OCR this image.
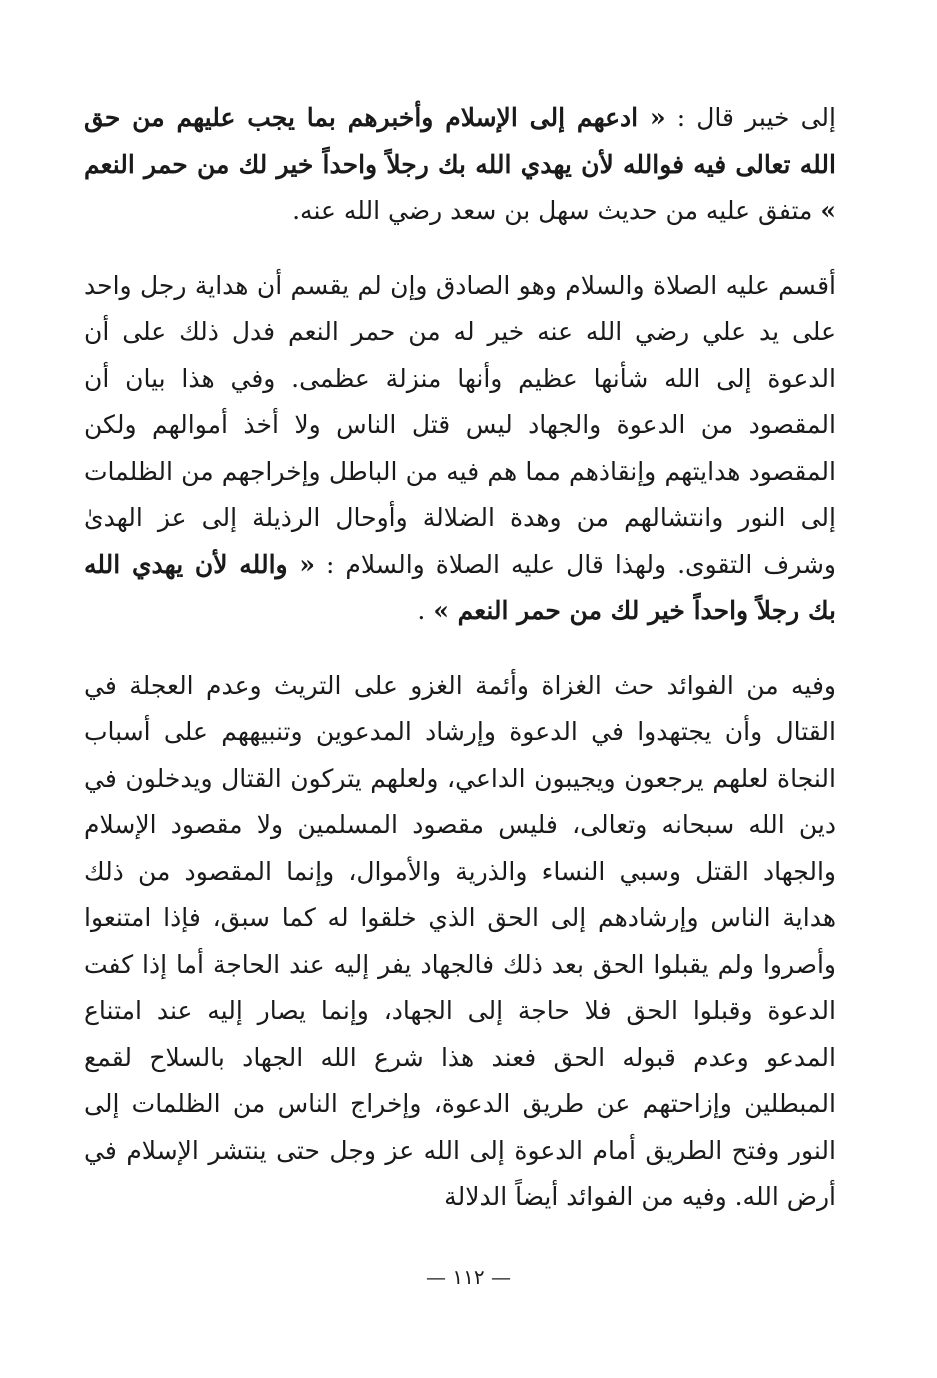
إلى خيبر قال : « ادعهم إلى الإسلام وأخبرهم بما يجب عليهم من حق الله تعالى فيه فوالله لأن يهدي الله بك رجلاً واحداً خير لك من حمر النعم » متفق عليه من حديث سهل بن سعد رضي الله عنه.

أقسم عليه الصلاة والسلام وهو الصادق وإن لم يقسم أن هداية رجل واحد على يد علي رضي الله عنه خير له من حمر النعم فدل ذلك على أن الدعوة إلى الله شأنها عظيم وأنها منزلة عظمى. وفي هذا بيان أن المقصود من الدعوة والجهاد ليس قتل الناس ولا أخذ أموالهم ولكن المقصود هدايتهم وإنقاذهم مما هم فيه من الباطل وإخراجهم من الظلمات إلى النور وانتشالهم من وهدة الضلالة وأوحال الرذيلة إلى عز الهدىٰ وشرف التقوى. ولهذا قال عليه الصلاة والسلام : « والله لأن يهدي الله بك رجلاً واحداً خير لك من حمر النعم » .

وفيه من الفوائد حث الغزاة وأئمة الغزو على التريث وعدم العجلة في القتال وأن يجتهدوا في الدعوة وإرشاد المدعوين وتنبيههم على أسباب النجاة لعلهم يرجعون ويجيبون الداعي، ولعلهم يتركون القتال ويدخلون في دين الله سبحانه وتعالى، فليس مقصود المسلمين ولا مقصود الإسلام والجهاد القتل وسبي النساء والذرية والأموال، وإنما المقصود من ذلك هداية الناس وإرشادهم إلى الحق الذي خلقوا له كما سبق، فإذا امتنعوا وأصروا ولم يقبلوا الحق بعد ذلك فالجهاد يفر إليه عند الحاجة أما إذا كفت الدعوة وقبلوا الحق فلا حاجة إلى الجهاد، وإنما يصار إليه عند امتناع المدعو وعدم قبوله الحق فعند هذا شرع الله الجهاد بالسلاح لقمع المبطلين وإزاحتهم عن طريق الدعوة، وإخراج الناس من الظلمات إلى النور وفتح الطريق أمام الدعوة إلى الله عز وجل حتى ينتشر الإسلام في أرض الله. وفيه من الفوائد أيضاً الدلالة

— ١١٢ —
